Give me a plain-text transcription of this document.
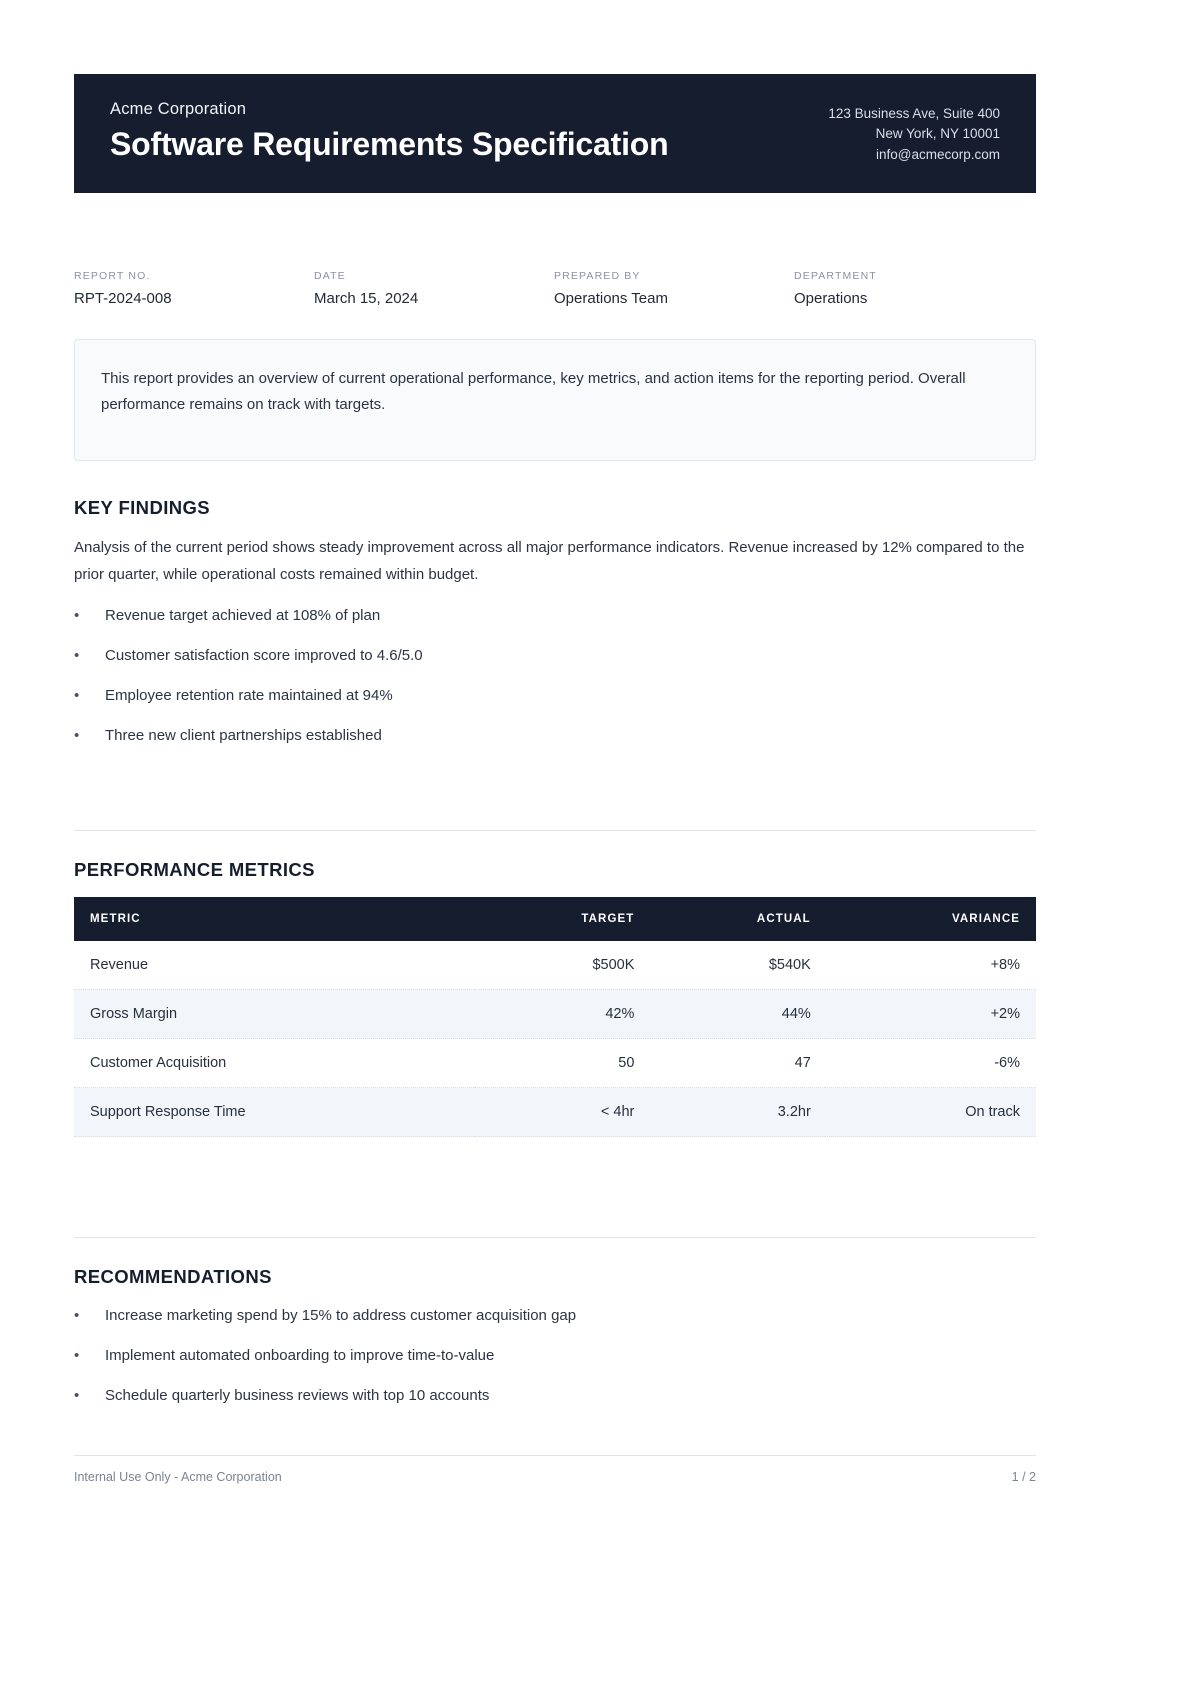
Acme Corporation
Software Requirements Specification
123 Business Ave, Suite 400
New York, NY 10001
info@acmecorp.com
REPORT NO.
RPT-2024-008
DATE
March 15, 2024
PREPARED BY
Operations Team
DEPARTMENT
Operations

This report provides an overview of current operational performance, key metrics, and action items for the reporting period. Overall performance remains on track with targets.

KEY FINDINGS

Analysis of the current period shows steady improvement across all major performance indicators. Revenue increased by 12% compared to the prior quarter, while operational costs remained within budget.

• Revenue target achieved at 108% of plan
• Customer satisfaction score improved to 4.6/5.0
• Employee retention rate maintained at 94%
• Three new client partnerships established
PERFORMANCE METRICS
METRIC	TARGET	ACTUAL	VARIANCE
Revenue	$500K	$540K	+8%
Gross Margin	42%	44%	+2%
Customer Acquisition	50	47	-6%
Support Response Time	< 4hr	3.2hr	On track
RECOMMENDATIONS
• Increase marketing spend by 15% to address customer acquisition gap
• Implement automated onboarding to improve time-to-value
• Schedule quarterly business reviews with top 10 accounts
Internal Use Only - Acme Corporation	1 / 2
